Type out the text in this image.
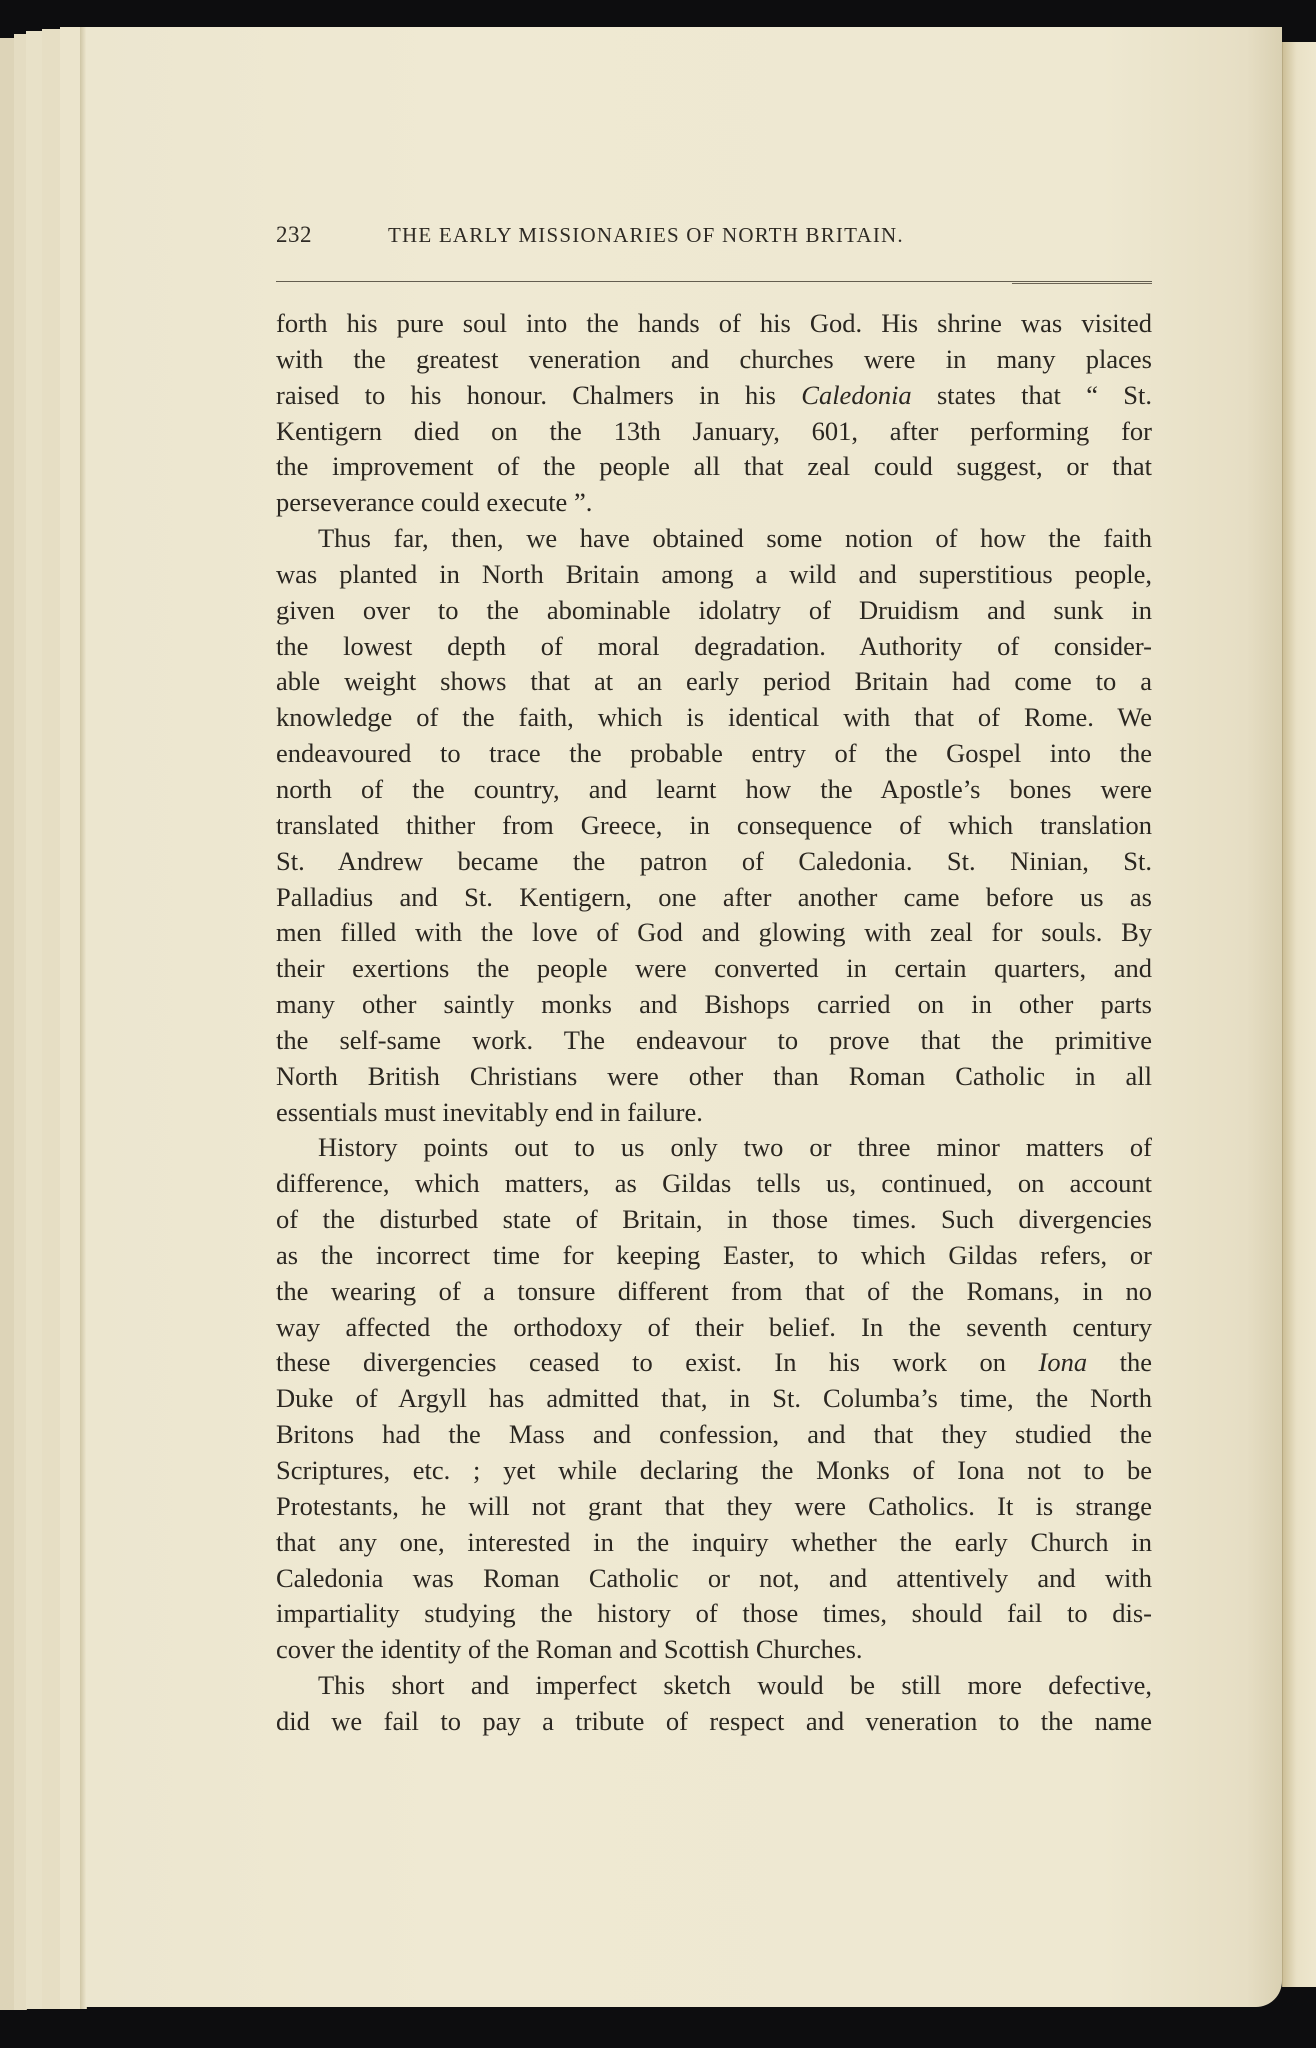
232	THE EARLY MISSIONARIES OF NORTH BRITAIN.
forth his pure soul into the hands of his God. His shrine was visited
with the greatest veneration and churches were in many places
raised to his honour. Chalmers in his Caledonia states that “ St.
Kentigern died on the 13th January, 601, after performing for
the improvement of the people all that zeal could suggest, or that
perseverance could execute ”.
Thus far, then, we have obtained some notion of how the faith
was planted in North Britain among a wild and superstitious people,
given over to the abominable idolatry of Druidism and sunk in
the lowest depth of moral degradation. Authority of consider-
able weight shows that at an early period Britain had come to a
knowledge of the faith, which is identical with that of Rome. We
endeavoured to trace the probable entry of the Gospel into the
north of the country, and learnt how the Apostle’s bones were
translated thither from Greece, in consequence of which translation
St. Andrew became the patron of Caledonia. St. Ninian, St.
Palladius and St. Kentigern, one after another came before us as
men filled with the love of God and glowing with zeal for souls. By
their exertions the people were converted in certain quarters, and
many other saintly monks and Bishops carried on in other parts
the self-same work. The endeavour to prove that the primitive
North British Christians were other than Roman Catholic in all
essentials must inevitably end in failure.
History points out to us only two or three minor matters of
difference, which matters, as Gildas tells us, continued, on account
of the disturbed state of Britain, in those times. Such divergencies
as the incorrect time for keeping Easter, to which Gildas refers, or
the wearing of a tonsure different from that of the Romans, in no
way affected the orthodoxy of their belief. In the seventh century
these divergencies ceased to exist. In his work on Iona the
Duke of Argyll has admitted that, in St. Columba’s time, the North
Britons had the Mass and confession, and that they studied the
Scriptures, etc. ; yet while declaring the Monks of Iona not to be
Protestants, he will not grant that they were Catholics. It is strange
that any one, interested in the inquiry whether the early Church in
Caledonia was Roman Catholic or not, and attentively and with
impartiality studying the history of those times, should fail to dis-
cover the identity of the Roman and Scottish Churches.
This short and imperfect sketch would be still more defective,
did we fail to pay a tribute of respect and veneration to the name
